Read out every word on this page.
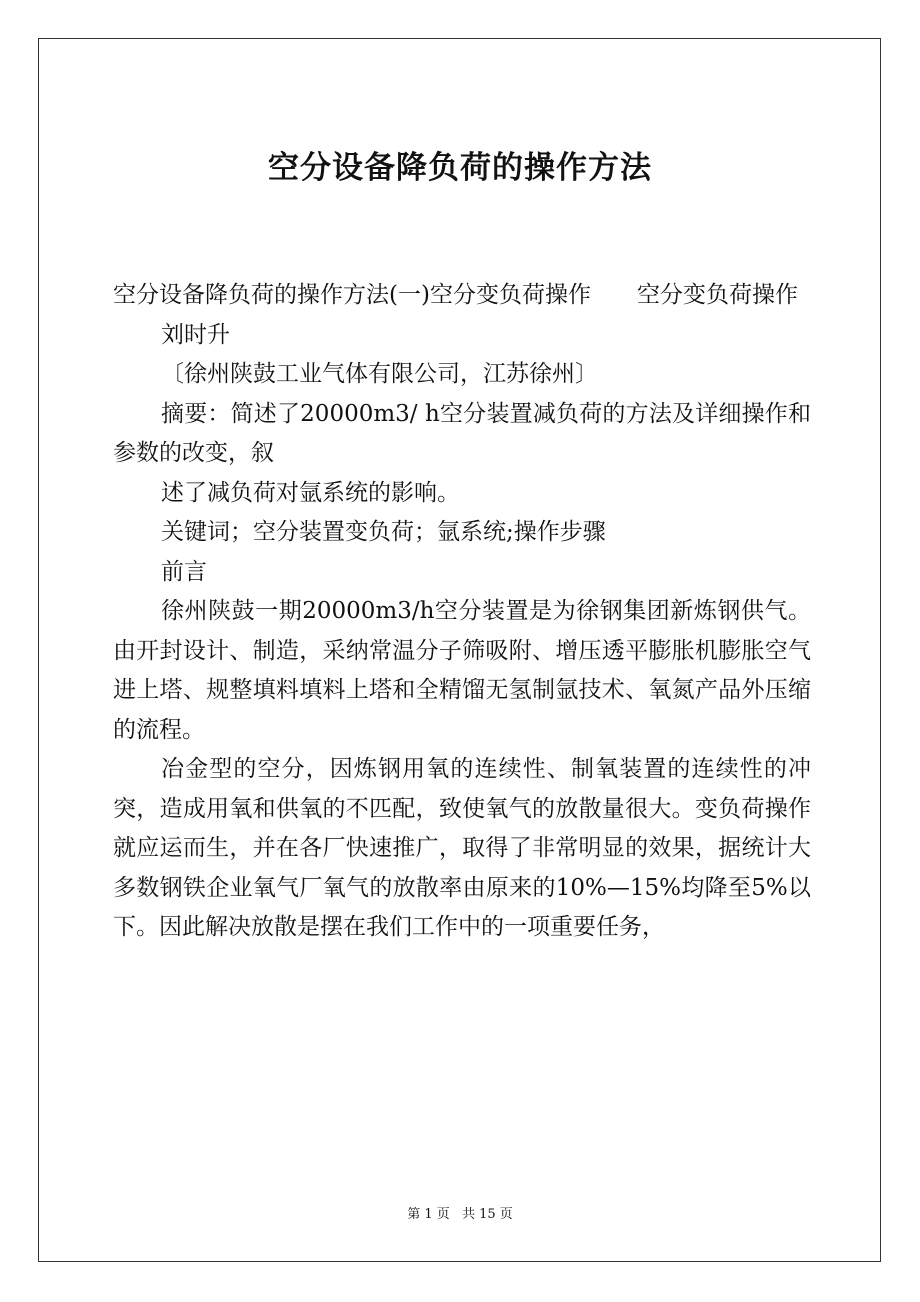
空分设备降负荷的操作方法

空分设备降负荷的操作方法(一)空分变负荷操作　　空分变负荷操作

刘时升

〔徐州陕鼓工业气体有限公司，江苏徐州〕

摘要：简述了20000m3/ h空分装置减负荷的方法及详细操作和参数的改变，叙

述了减负荷对氩系统的影响。

关键词；空分装置变负荷；氩系统;操作步骤

前言

徐州陕鼓一期20000m3/h空分装置是为徐钢集团新炼钢供气。由开封设计、制造，采纳常温分子筛吸附、增压透平膨胀机膨胀空气进上塔、规整填料填料上塔和全精馏无氢制氩技术、氧氮产品外压缩的流程。

冶金型的空分，因炼钢用氧的连续性、制氧装置的连续性的冲突，造成用氧和供氧的不匹配，致使氧气的放散量很大。变负荷操作就应运而生，并在各厂快速推广，取得了非常明显的效果，据统计大多数钢铁企业氧气厂氧气的放散率由原来的10%—15%均降至5%以下。因此解决放散是摆在我们工作中的一项重要任务，

第 1 页 共 15 页
